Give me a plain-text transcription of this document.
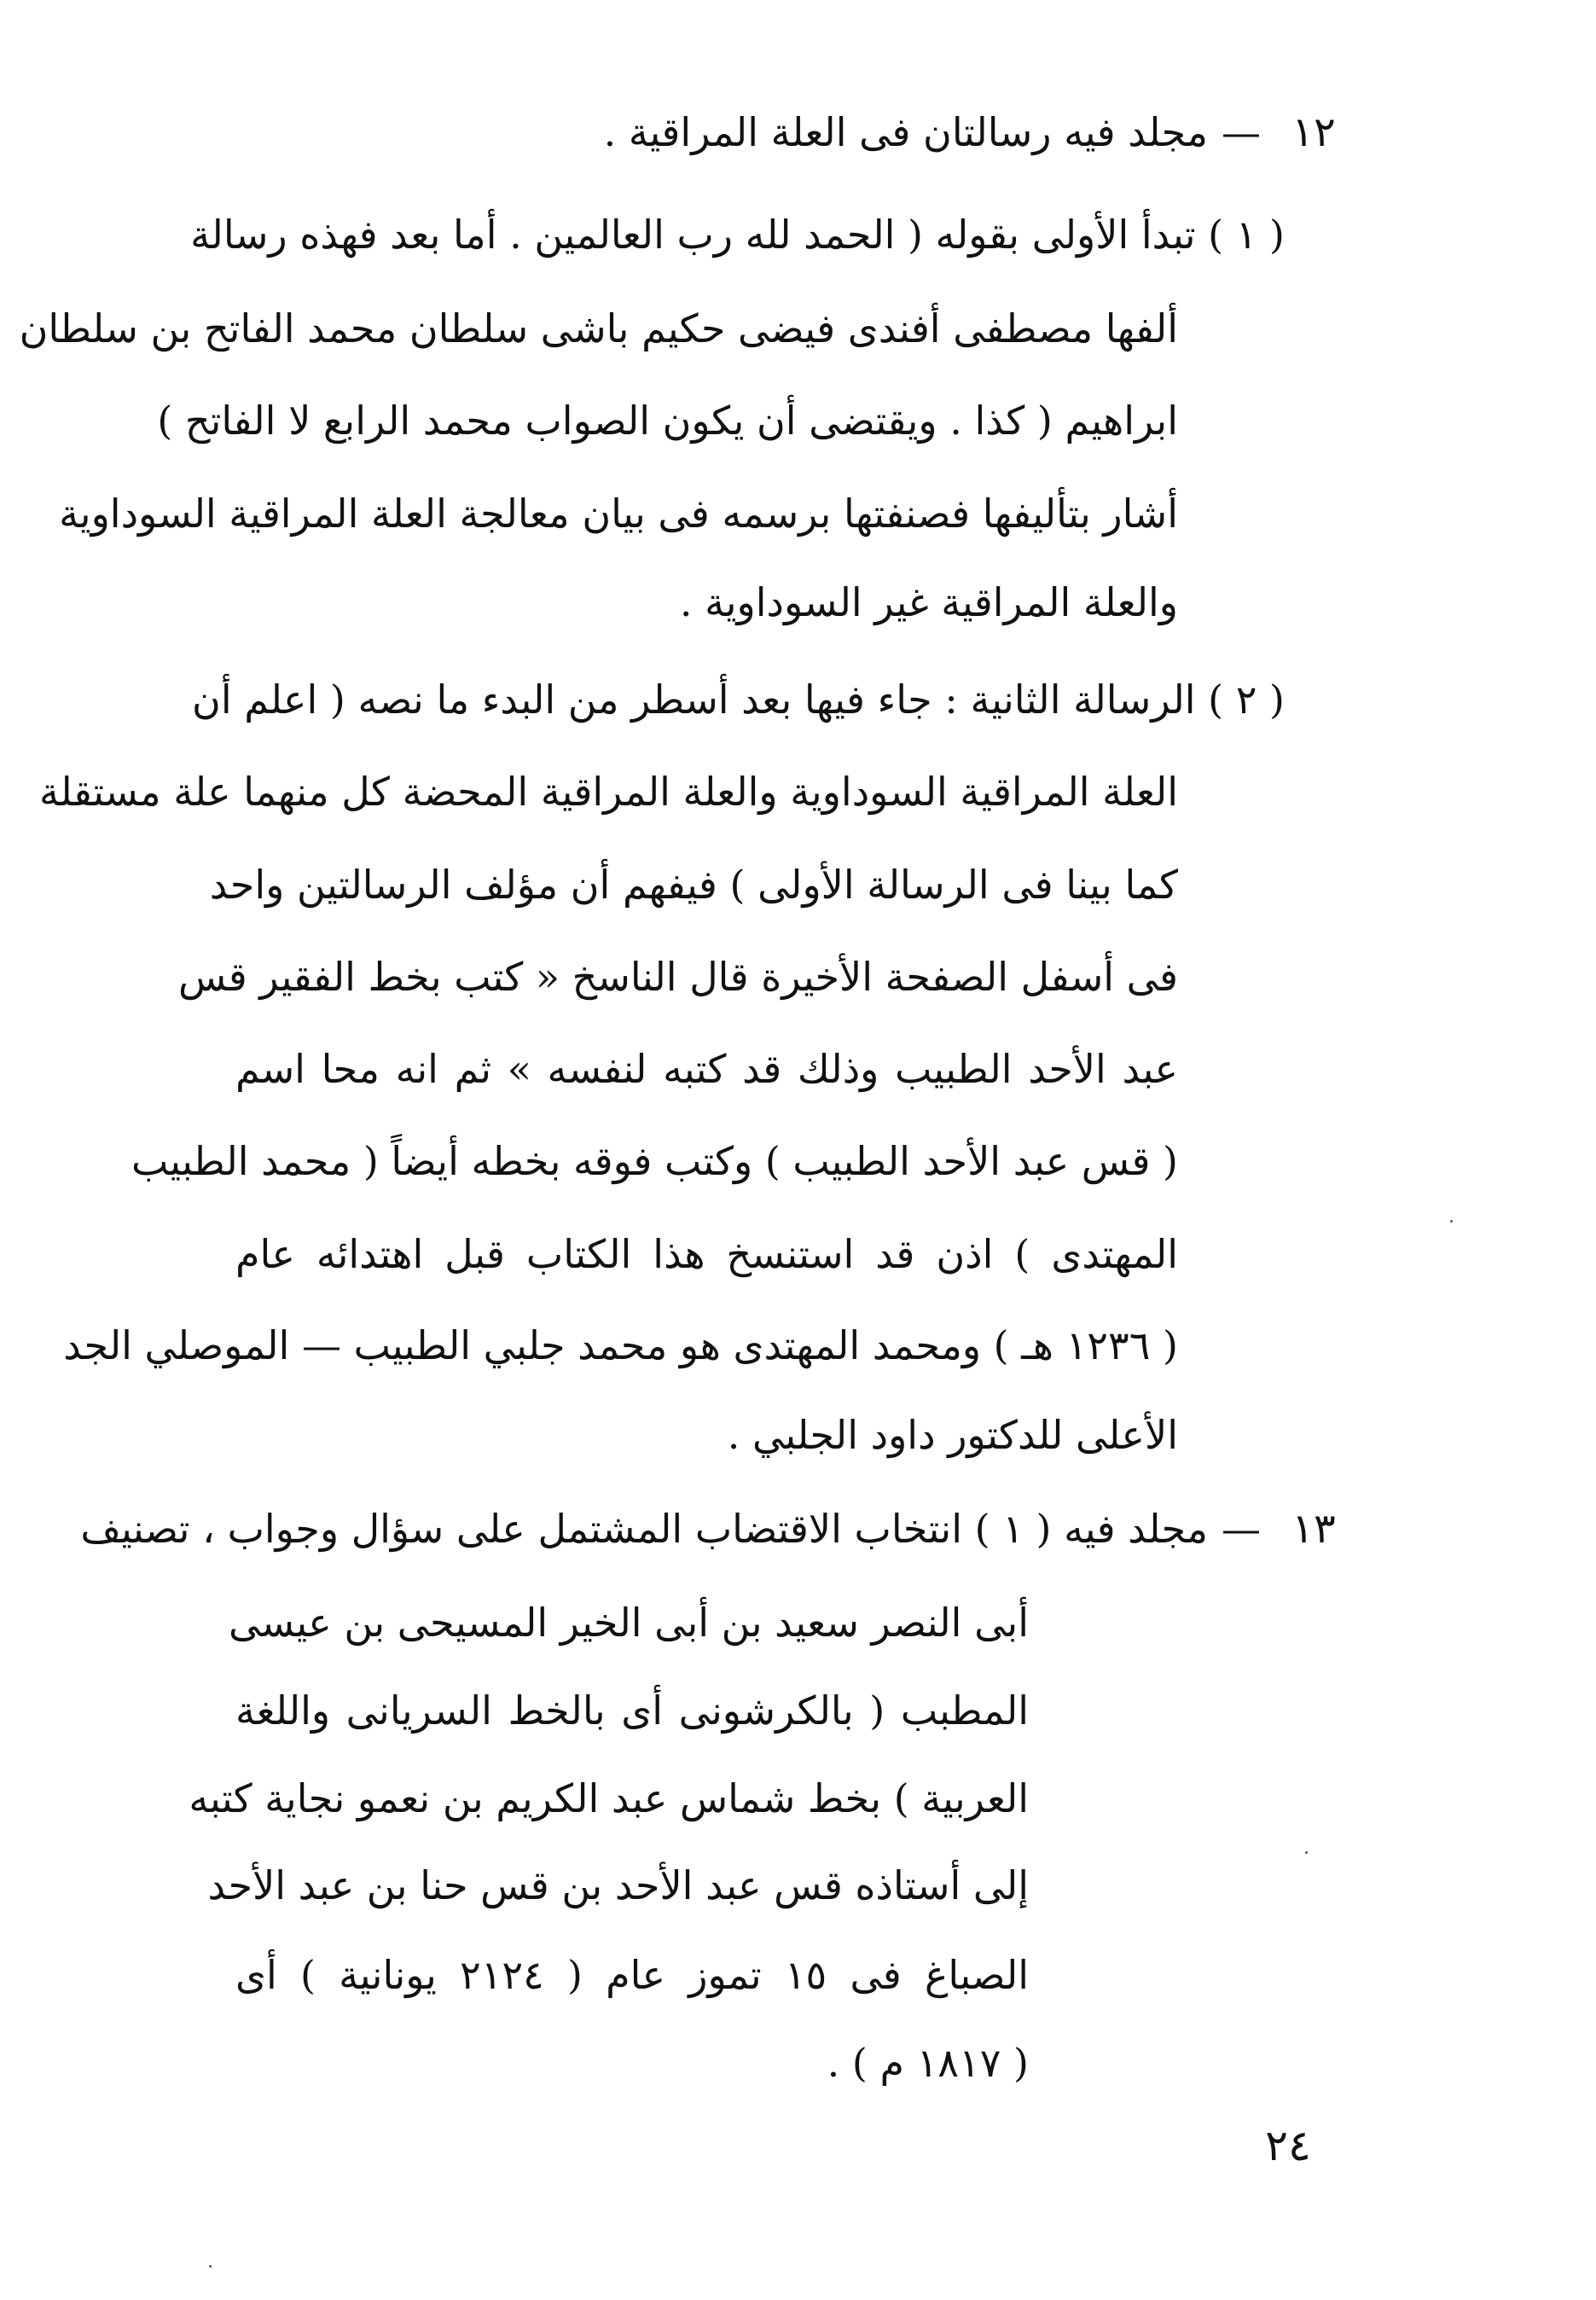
١٢
—
مجلد فيه رسالتان فى العلة المراقية .
( ١ ) تبدأ الأولى بقوله ( الحمد لله رب العالمين . أما بعد فهذه رسالة
ألفها مصطفى أفندى فيضى حكيم باشى سلطان محمد الفاتح بن سلطان
ابراهيم ( كذا . ويقتضى أن يكون الصواب محمد الرابع لا الفاتح )
أشار بتأليفها فصنفتها برسمه فى بيان معالجة العلة المراقية السوداوية
والعلة المراقية غير السوداوية .
( ٢ ) الرسالة الثانية : جاء فيها بعد أسطر من البدء ما نصه ( اعلم أن
العلة المراقية السوداوية والعلة المراقية المحضة كل منهما علة مستقلة
كما بينا فى الرسالة الأولى ) فيفهم أن مؤلف الرسالتين واحد
فى أسفل الصفحة الأخيرة قال الناسخ « كتب بخط الفقير قس
عبد الأحد الطبيب وذلك قد كتبه لنفسه » ثم انه محا اسم
( قس عبد الأحد الطبيب ) وكتب فوقه بخطه أيضاً ( محمد الطبيب
المهتدى ) اذن قد استنسخ هذا الكتاب قبل اهتدائه عام
( ١٢٣٦ هـ ) ومحمد المهتدى هو محمد جلبي الطبيب — الموصلي الجد
الأعلى للدكتور داود الجلبي .
١٣
—
مجلد فيه ( ١ ) انتخاب الاقتضاب المشتمل على سؤال وجواب ، تصنيف
أبى النصر سعيد بن أبى الخير المسيحى بن عيسى
المطبب ( بالكرشونى أى بالخط السريانى واللغة
العربية ) بخط شماس عبد الكريم بن نعمو نجاية كتبه
إلى أستاذه قس عبد الأحد بن قس حنا بن عبد الأحد
الصباغ فى ١٥ تموز عام ( ٢١٢٤ يونانية ) أى
( ١٨١٧ م ) .
٢٤
